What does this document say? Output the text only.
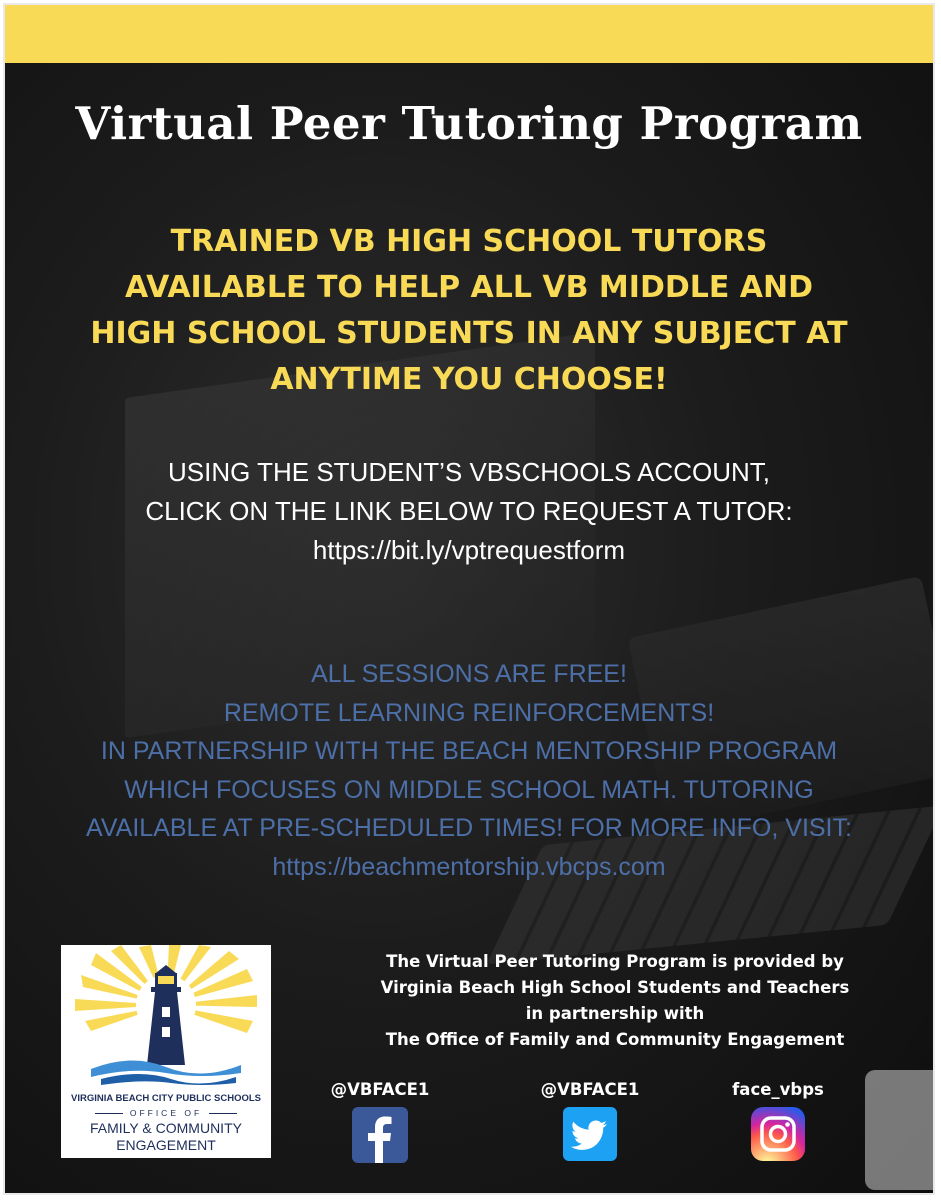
Virtual Peer Tutoring Program
TRAINED VB HIGH SCHOOL TUTORS
AVAILABLE TO HELP ALL VB MIDDLE AND
HIGH SCHOOL STUDENTS IN ANY SUBJECT AT
ANYTIME YOU CHOOSE!
USING THE STUDENT’S VBSCHOOLS ACCOUNT,
CLICK ON THE LINK BELOW TO REQUEST A TUTOR:
https://bit.ly/vptrequestform
ALL SESSIONS ARE FREE!
REMOTE LEARNING REINFORCEMENTS!
IN PARTNERSHIP WITH THE BEACH MENTORSHIP PROGRAM
WHICH FOCUSES ON MIDDLE SCHOOL MATH. TUTORING
AVAILABLE AT PRE-SCHEDULED TIMES! FOR MORE INFO, VISIT:
https://beachmentorship.vbcps.com
VIRGINIA BEACH CITY PUBLIC SCHOOLS
OFFICE OF
FAMILY & COMMUNITY
ENGAGEMENT
The Virtual Peer Tutoring Program is provided by
Virginia Beach High School Students and Teachers
in partnership with
The Office of Family and Community Engagement
@VBFACE1	@VBFACE1	face_vbps
